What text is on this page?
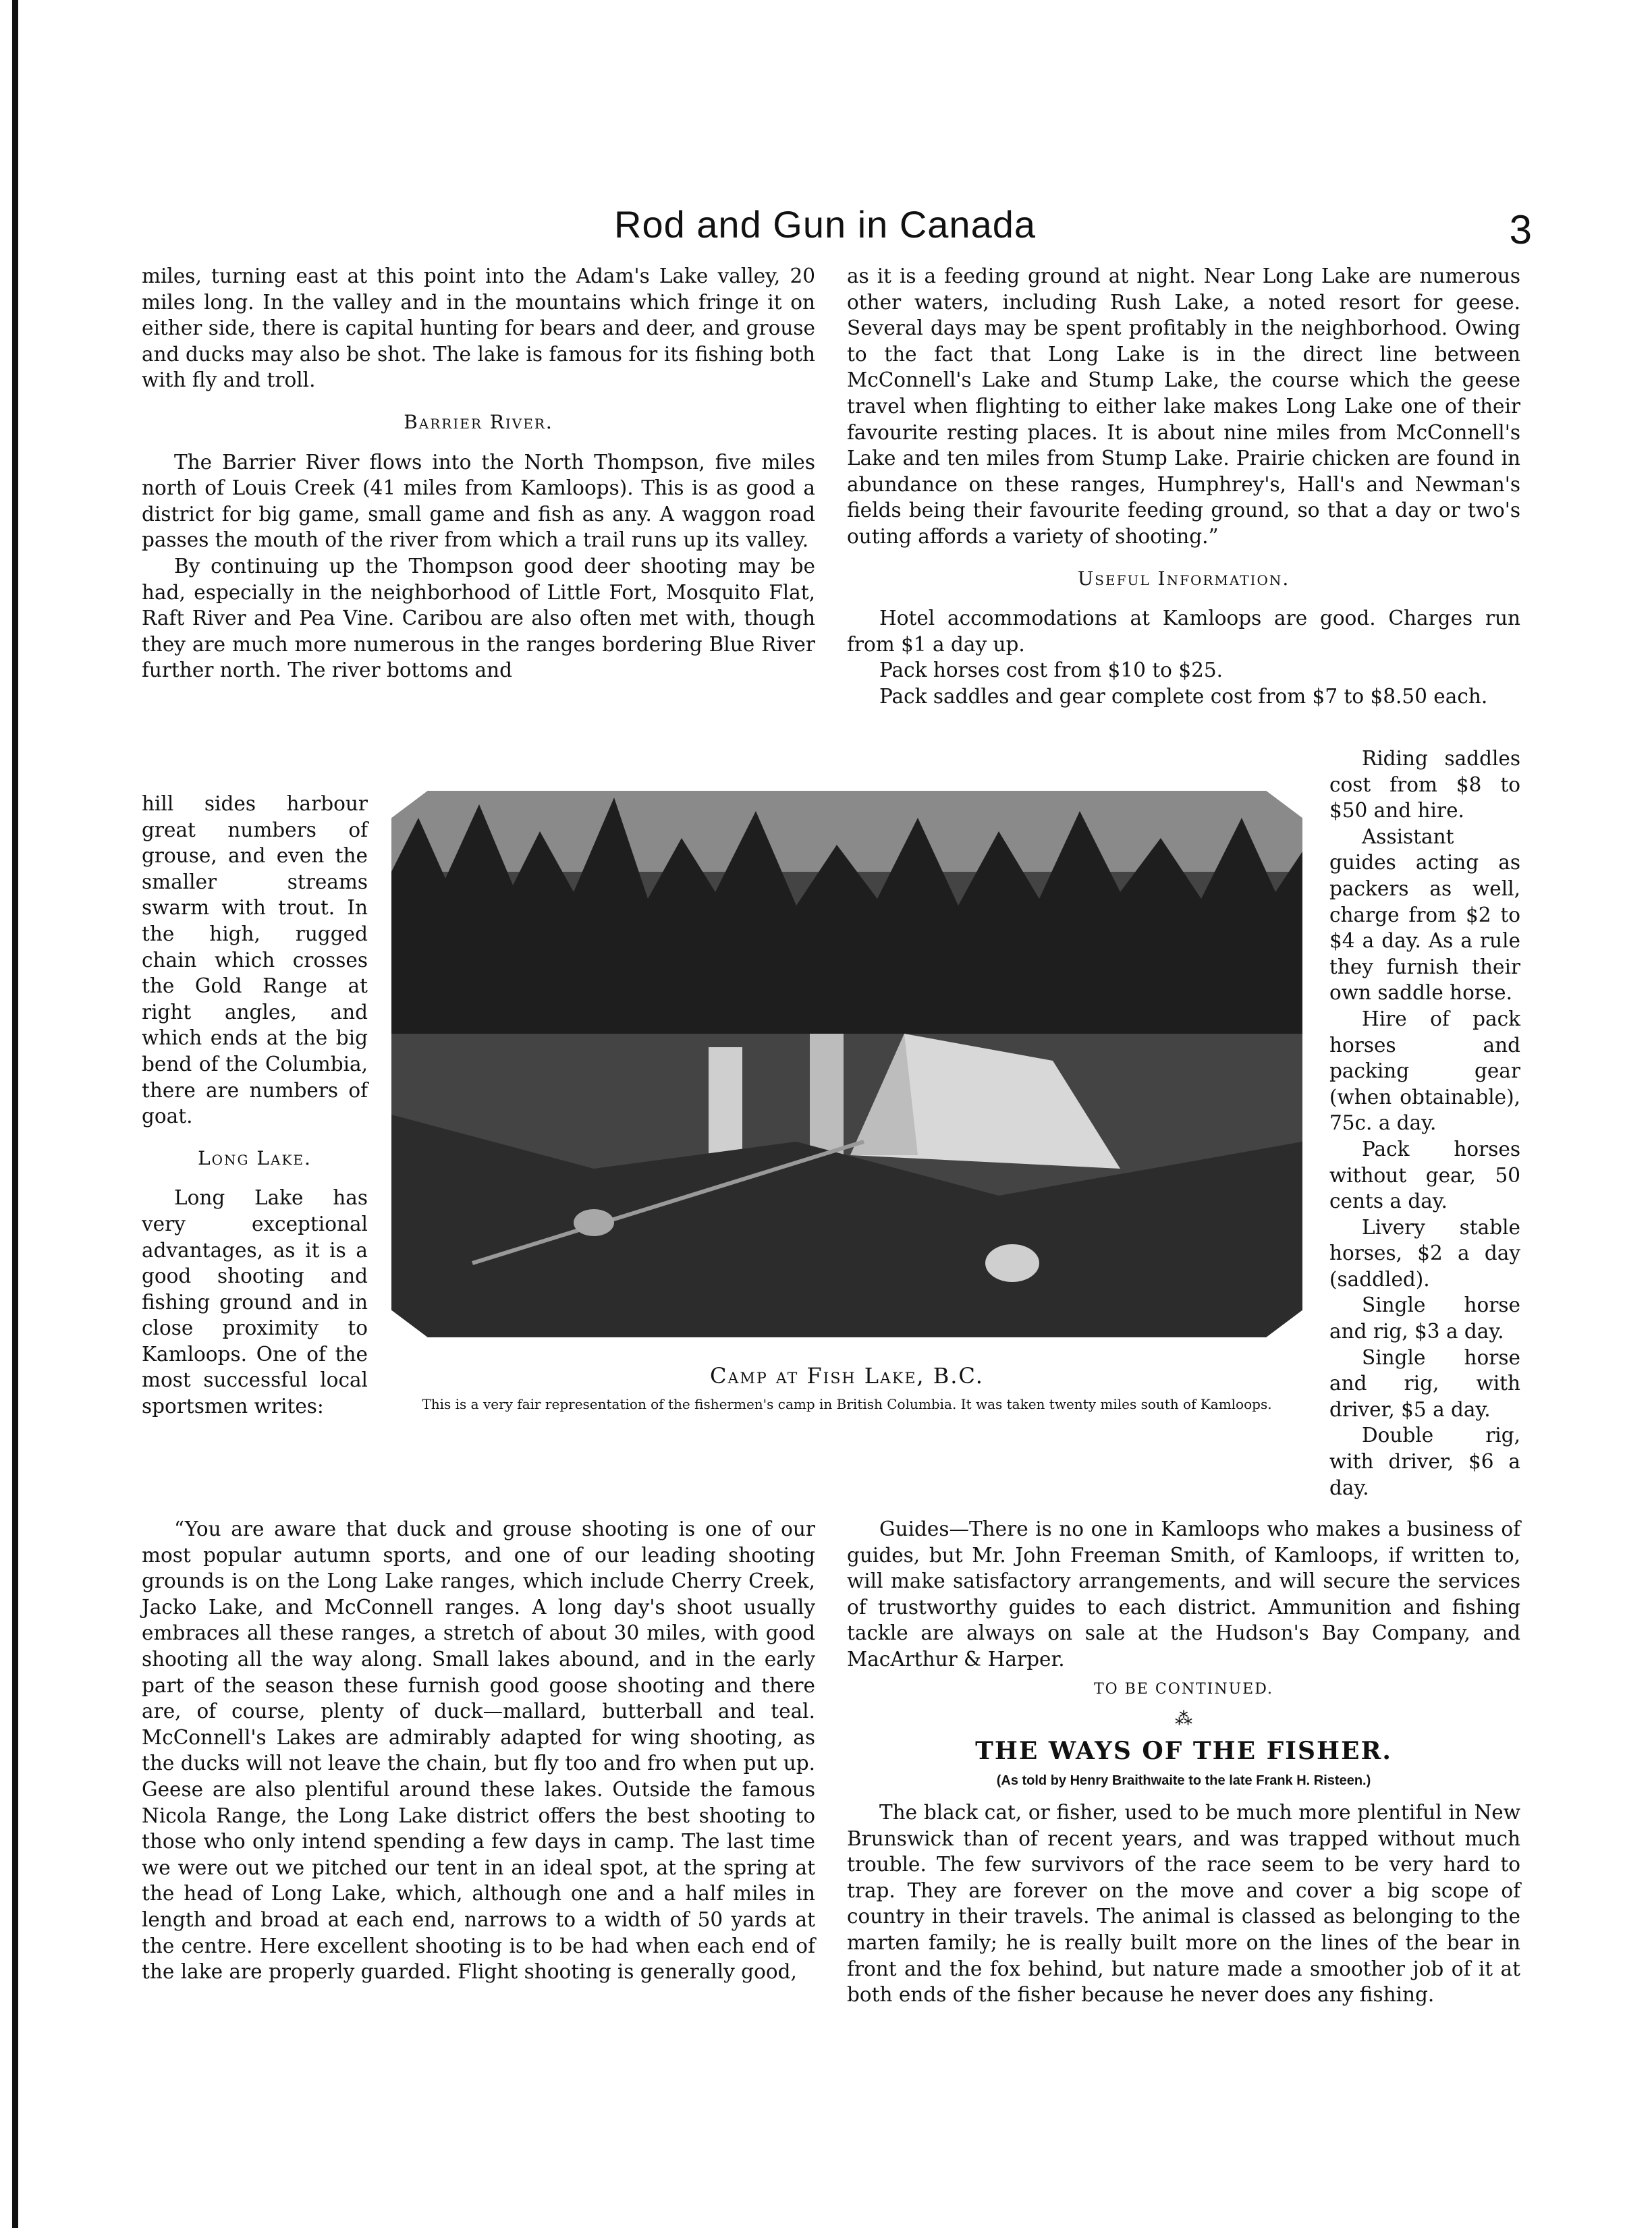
Rod and Gun in Canada	3

miles, turning east at this point into the Adam's Lake valley, 20 miles long. In the valley and in the mountains which fringe it on either side, there is capital hunting for bears and deer, and grouse and ducks may also be shot. The lake is famous for its fishing both with fly and troll.

Barrier River.

The Barrier River flows into the North Thompson, five miles north of Louis Creek (41 miles from Kamloops). This is as good a district for big game, small game and fish as any. A waggon road passes the mouth of the river from which a trail runs up its valley.

By continuing up the Thompson good deer shooting may be had, especially in the neighborhood of Little Fort, Mosquito Flat, Raft River and Pea Vine. Caribou are also often met with, though they are much more numerous in the ranges bordering Blue River further north. The river bottoms and

hill sides harbour great numbers of grouse, and even the smaller streams swarm with trout. In the high, rugged chain which crosses the Gold Range at right angles, and which ends at the big bend of the Columbia, there are numbers of goat.

Long Lake.

Long Lake has very exceptional advantages, as it is a good shooting and fishing ground and in close proximity to Kamloops. One of the most successful local sportsmen writes:

“You are aware that duck and grouse shooting is one of our most popular autumn sports, and one of our leading shooting grounds is on the Long Lake ranges, which include Cherry Creek, Jacko Lake, and McConnell ranges. A long day's shoot usually embraces all these ranges, a stretch of about 30 miles, with good shooting all the way along. Small lakes abound, and in the early part of the season these furnish good goose shooting and there are, of course, plenty of duck—mallard, butterball and teal. McConnell's Lakes are admirably adapted for wing shooting, as the ducks will not leave the chain, but fly too and fro when put up. Geese are also plentiful around these lakes. Outside the famous Nicola Range, the Long Lake district offers the best shooting to those who only intend spending a few days in camp. The last time we were out we pitched our tent in an ideal spot, at the spring at the head of Long Lake, which, although one and a half miles in length and broad at each end, narrows to a width of 50 yards at the centre. Here excellent shooting is to be had when each end of the lake are properly guarded. Flight shooting is generally good,

as it is a feeding ground at night. Near Long Lake are numerous other waters, including Rush Lake, a noted resort for geese. Several days may be spent profitably in the neighborhood. Owing to the fact that Long Lake is in the direct line between McConnell's Lake and Stump Lake, the course which the geese travel when flighting to either lake makes Long Lake one of their favourite resting places. It is about nine miles from McConnell's Lake and ten miles from Stump Lake. Prairie chicken are found in abundance on these ranges, Humphrey's, Hall's and Newman's fields being their favourite feeding ground, so that a day or two's outing affords a variety of shooting.”

Useful Information.

Hotel accommodations at Kamloops are good. Charges run from $1 a day up.

Pack horses cost from $10 to $25.

Pack saddles and gear complete cost from $7 to $8.50 each.

Riding saddles cost from $8 to $50 and hire.

Assistant guides acting as packers as well, charge from $2 to $4 a day. As a rule they furnish their own saddle horse.

Hire of pack horses and packing gear (when obtainable), 75c. a day.

Pack horses without gear, 50 cents a day.

Livery stable horses, $2 a day (saddled).

Single horse and rig, $3 a day.

Single horse and rig, with driver, $5 a day.

Double rig, with driver, $6 a day.

Guides—There is no one in Kamloops who makes a business of guides, but Mr. John Freeman Smith, of Kamloops, if written to, will make satisfactory arrangements, and will secure the services of trustworthy guides to each district. Ammunition and fishing tackle are always on sale at the Hudson's Bay Company, and MacArthur & Harper.

TO BE CONTINUED.
⁂
THE WAYS OF THE FISHER.
(As told by Henry Braithwaite to the late Frank H. Risteen.)

The black cat, or fisher, used to be much more plentiful in New Brunswick than of recent years, and was trapped without much trouble. The few survivors of the race seem to be very hard to trap. They are forever on the move and cover a big scope of country in their travels. The animal is classed as belonging to the marten family; he is really built more on the lines of the bear in front and the fox behind, but nature made a smoother job of it at both ends of the fisher because he never does any fishing.

Camp at Fish Lake, B.C.
This is a very fair representation of the fishermen's camp in British Columbia. It was taken twenty miles south of Kamloops.
